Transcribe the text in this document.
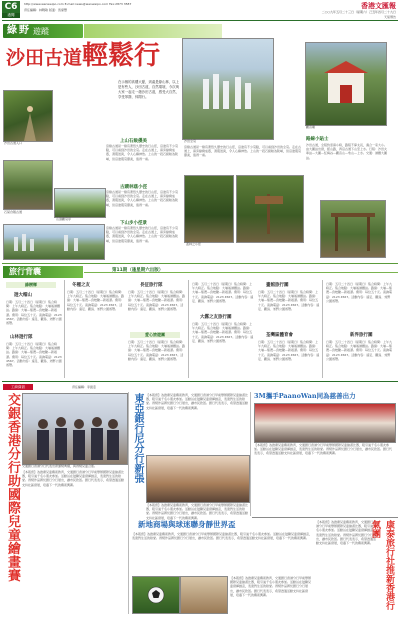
C6
港聞
http://www.wenweipo.com E-mail:news@wenweipo.com Fax:2873 3587
責任編輯：林曉敏 版面：馬偉豐	香港文匯報
二○○九年五月二十三日（星期六）己丑年四月二十九日
天氣預告
綠 野 遊蹤
沙田古道輕鬆行
在示個的高樓大廈，到處是綠山林，以上是有些人，沙田古道，自然環境，今次與大家一起走一趟沙田古道，感受大自然，享受寧靜，休閒行。
沙田古道入口
石屎台階古道
山頂觀景亭
沙田全景
觀音廟
路線小貼士
沙田古道，全程約需兩小時，路程不算太長，適合一家大小。由大圍站出發，經山路，再沿古道下山至上水。行程：沙田火車站—大圍—紅梅谷—觀音山—象山—上水。交通：港鐵大圍站。
上山石級優美
這條古道是一條有著悠久歷史的行山徑，沿途有不少景點，可以看到沙田的全景。走在古道上，兩旁綠樹成蔭，清風送爽，令人心曠神怡。上山的一段石級較為陡峭，但沿途風景優美，值得一看。
古蹟林蔭小徑
這條古道是一條有著悠久歷史的行山徑，沿途有不少景點，可以看到沙田的全景。走在古道上，兩旁綠樹成蔭，清風送爽，令人心曠神怡。上山的一段石級較為陡峭，但沿途風景優美，值得一看。
下山步小徑景
這條古道是一條有著悠久歷史的行山徑，沿途有不少景點，可以看到沙田的全景。走在古道上，兩旁綠樹成蔭，清風送爽，令人心曠神怡。上山的一段石級較為陡峭，但沿途風景優美，值得一看。
這條古道是一條有著悠久歷史的行山徑，沿途有不少景點，可以看到沙田的全景。走在古道上，兩旁綠樹成蔭，清風送爽，令人心曠神怡。上山的一段石級較為陡峭，但沿途風景優美，值得一看。
叢林之小徑
旅行背囊	第11期（逢星期六出版）
綠樹鄉
遊大帽山
日期：五月二十四日（星期日）集合時間：上午九時正。集合地點：大埔墟港鐵站。路線：大埔—船灣—烏蛟騰—新娘潭。費用：每位五十元。查詢電話：2123 4567。活動內容：遠足、觀鳥、郊野公園遊覽。
山林遊行隊
日期：五月二十四日（星期日）集合時間：上午九時正。集合地點：大埔墟港鐵站。路線：大埔—船灣—烏蛟騰—新娘潭。費用：每位五十元。查詢電話：2123 4567。活動內容：遠足、觀鳥、郊野公園遊覽。
冬種之友
日期：五月二十四日（星期日）集合時間：上午九時正。集合地點：大埔墟港鐵站。路線：大埔—船灣—烏蛟騰—新娘潭。費用：每位五十元。查詢電話：2123 4567。活動內容：遠足、觀鳥、郊野公園遊覽。
長征旅行隊
日期：五月二十四日（星期日）集合時間：上午九時正。集合地點：大埔墟港鐵站。路線：大埔—船灣—烏蛟騰—新娘潭。費用：每位五十元。查詢電話：2123 4567。活動內容：遠足、觀鳥、郊野公園遊覽。
愛心旅遊團
日期：五月二十四日（星期日）集合時間：上午九時正。集合地點：大埔墟港鐵站。路線：大埔—船灣—烏蛟騰—新娘潭。費用：每位五十元。查詢電話：2123 4567。活動內容：遠足、觀鳥、郊野公園遊覽。
日期：五月二十四日（星期日）集合時間：上午九時正。集合地點：大埔墟港鐵站。路線：大埔—船灣—烏蛟騰—新娘潭。費用：每位五十元。查詢電話：2123 4567。活動內容：遠足、觀鳥、郊野公園遊覽。
大霧之友旅行團
日期：五月二十四日（星期日）集合時間：上午九時正。集合地點：大埔墟港鐵站。路線：大埔—船灣—烏蛟騰—新娘潭。費用：每位五十元。查詢電話：2123 4567。活動內容：遠足、觀鳥、郊野公園遊覽。
畫館旅行團
日期：五月二十四日（星期日）集合時間：上午九時正。集合地點：大埔墟港鐵站。路線：大埔—船灣—烏蛟騰—新娘潭。費用：每位五十元。查詢電話：2123 4567。活動內容：遠足、觀鳥、郊野公園遊覽。
荃灣區體育會
日期：五月二十四日（星期日）集合時間：上午九時正。集合地點：大埔墟港鐵站。路線：大埔—船灣—烏蛟騰—新娘潭。費用：每位五十元。查詢電話：2123 4567。活動內容：遠足、觀鳥、郊野公園遊覽。
日期：五月二十四日（星期日）集合時間：上午九時正。集合地點：大埔墟港鐵站。路線：大埔—船灣—烏蛟騰—新娘潭。費用：每位五十元。查詢電話：2123 4567。活動內容：遠足、觀鳥、郊野公園遊覽。
新界旅行團
日期：五月二十四日（星期日）集合時間：上午九時正。集合地點：大埔墟港鐵站。路線：大埔—船灣—烏蛟騰—新娘潭。費用：每位五十元。查詢電話：2123 4567。活動內容：遠足、觀鳥、郊野公園遊覽。
工商資訊	責任編輯：李振亞
交銀香港分行助國際兒童繪畫賽 交通銀行香港分行代表出席頒獎典禮，與得獎兒童合照。
【本報訊】為推廣兒童藝術教育，交通銀行香港分行早前舉辦國際兒童繪畫比賽，吸引逾千名小朋友參加。活動旨在鼓勵兒童發揮創意，表達對生活的熱愛。得獎作品將於銀行分行展出，讓市民欣賞。銀行代表表示，希望透過活動支持社區發展，培養下一代的藝術興趣。
東亞銀行尼分行新張	【本報訊】為推廣兒童藝術教育，交通銀行香港分行早前舉辦國際兒童繪畫比賽，吸引逾千名小朋友參加。活動旨在鼓勵兒童發揮創意，表達對生活的熱愛。得獎作品將於銀行分行展出，讓市民欣賞。銀行代表表示，希望透過活動支持社區發展，培養下一代的藝術興趣。
【本報訊】為推廣兒童藝術教育，交通銀行香港分行早前舉辦國際兒童繪畫比賽，吸引逾千名小朋友參加。活動旨在鼓勵兒童發揮創意，表達對生活的熱愛。得獎作品將於銀行分行展出，讓市民欣賞。銀行代表表示，希望透過活動支持社區發展，培養下一代的藝術興趣。
新地商場與球迷聯身靜世界盃
【本報訊】為推廣兒童藝術教育，交通銀行香港分行早前舉辦國際兒童繪畫比賽，吸引逾千名小朋友參加。活動旨在鼓勵兒童發揮創意，表達對生活的熱愛。得獎作品將於銀行分行展出，讓市民欣賞。銀行代表表示，希望透過活動支持社區發展，培養下一代的藝術興趣。
【本報訊】為推廣兒童藝術教育，交通銀行香港分行早前舉辦國際兒童繪畫比賽，吸引逾千名小朋友參加。活動旨在鼓勵兒童發揮創意，表達對生活的熱愛。得獎作品將於銀行分行展出，讓市民欣賞。銀行代表表示，希望透過活動支持社區發展，培養下一代的藝術興趣。
3M攜手PaanoWan同為慈善出力
【本報訊】為推廣兒童藝術教育，交通銀行香港分行早前舉辦國際兒童繪畫比賽，吸引逾千名小朋友參加。活動旨在鼓勵兒童發揮創意，表達對生活的熱愛。得獎作品將於銀行分行展出，讓市民欣賞。銀行代表表示，希望透過活動支持社區發展，培養下一代的藝術興趣。
【本報訊】為推廣兒童藝術教育，交通銀行香港分行早前舉辦國際兒童繪畫比賽，吸引逾千名小朋友參加。活動旨在鼓勵兒童發揮創意，表達對生活的熱愛。得獎作品將於銀行分行展出，讓市民欣賞。銀行代表表示，希望透過活動支持社區發展，培養下一代的藝術興趣。	康泰旅行社推新香港行氣團
